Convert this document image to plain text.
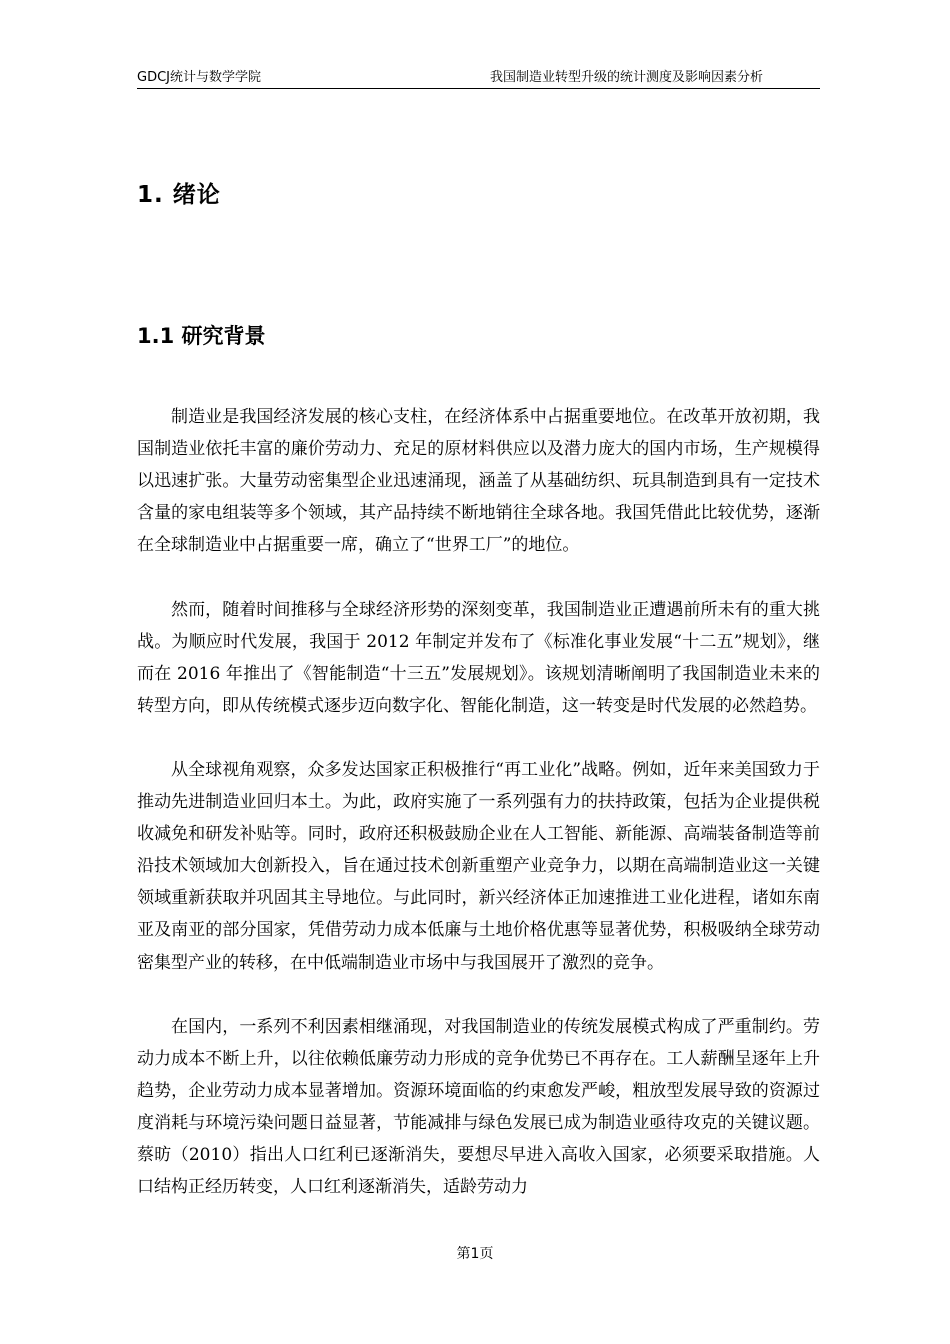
GDCJ统计与数学学院	我国制造业转型升级的统计测度及影响因素分析
1. 绪论
1.1 研究背景

制造业是我国经济发展的核心支柱，在经济体系中占据重要地位。在改革开放初期，我国制造业依托丰富的廉价劳动力、充足的原材料供应以及潜力庞大的国内市场，生产规模得以迅速扩张。大量劳动密集型企业迅速涌现，涵盖了从基础纺织、玩具制造到具有一定技术含量的家电组装等多个领域，其产品持续不断地销往全球各地。我国凭借此比较优势，逐渐在全球制造业中占据重要一席，确立了“世界工厂”的地位。

然而，随着时间推移与全球经济形势的深刻变革，我国制造业正遭遇前所未有的重大挑战。为顺应时代发展，我国于 2012 年制定并发布了《标准化事业发展“十二五”规划》，继而在 2016 年推出了《智能制造“十三五”发展规划》。该规划清晰阐明了我国制造业未来的转型方向，即从传统模式逐步迈向数字化、智能化制造，这一转变是时代发展的必然趋势。

从全球视角观察，众多发达国家正积极推行“再工业化”战略。例如，近年来美国致力于推动先进制造业回归本土。为此，政府实施了一系列强有力的扶持政策，包括为企业提供税收减免和研发补贴等。同时，政府还积极鼓励企业在人工智能、新能源、高端装备制造等前沿技术领域加大创新投入，旨在通过技术创新重塑产业竞争力，以期在高端制造业这一关键领域重新获取并巩固其主导地位。与此同时，新兴经济体正加速推进工业化进程，诸如东南亚及南亚的部分国家，凭借劳动力成本低廉与土地价格优惠等显著优势，积极吸纳全球劳动密集型产业的转移，在中低端制造业市场中与我国展开了激烈的竞争。

在国内，一系列不利因素相继涌现，对我国制造业的传统发展模式构成了严重制约。劳动力成本不断上升，以往依赖低廉劳动力形成的竞争优势已不再存在。工人薪酬呈逐年上升趋势，企业劳动力成本显著增加。资源环境面临的约束愈发严峻，粗放型发展导致的资源过度消耗与环境污染问题日益显著，节能减排与绿色发展已成为制造业亟待攻克的关键议题。蔡昉（2010）指出人口红利已逐渐消失，要想尽早进入高收入国家，必须要采取措施。人口结构正经历转变，人口红利逐渐消失，适龄劳动力

第1页
